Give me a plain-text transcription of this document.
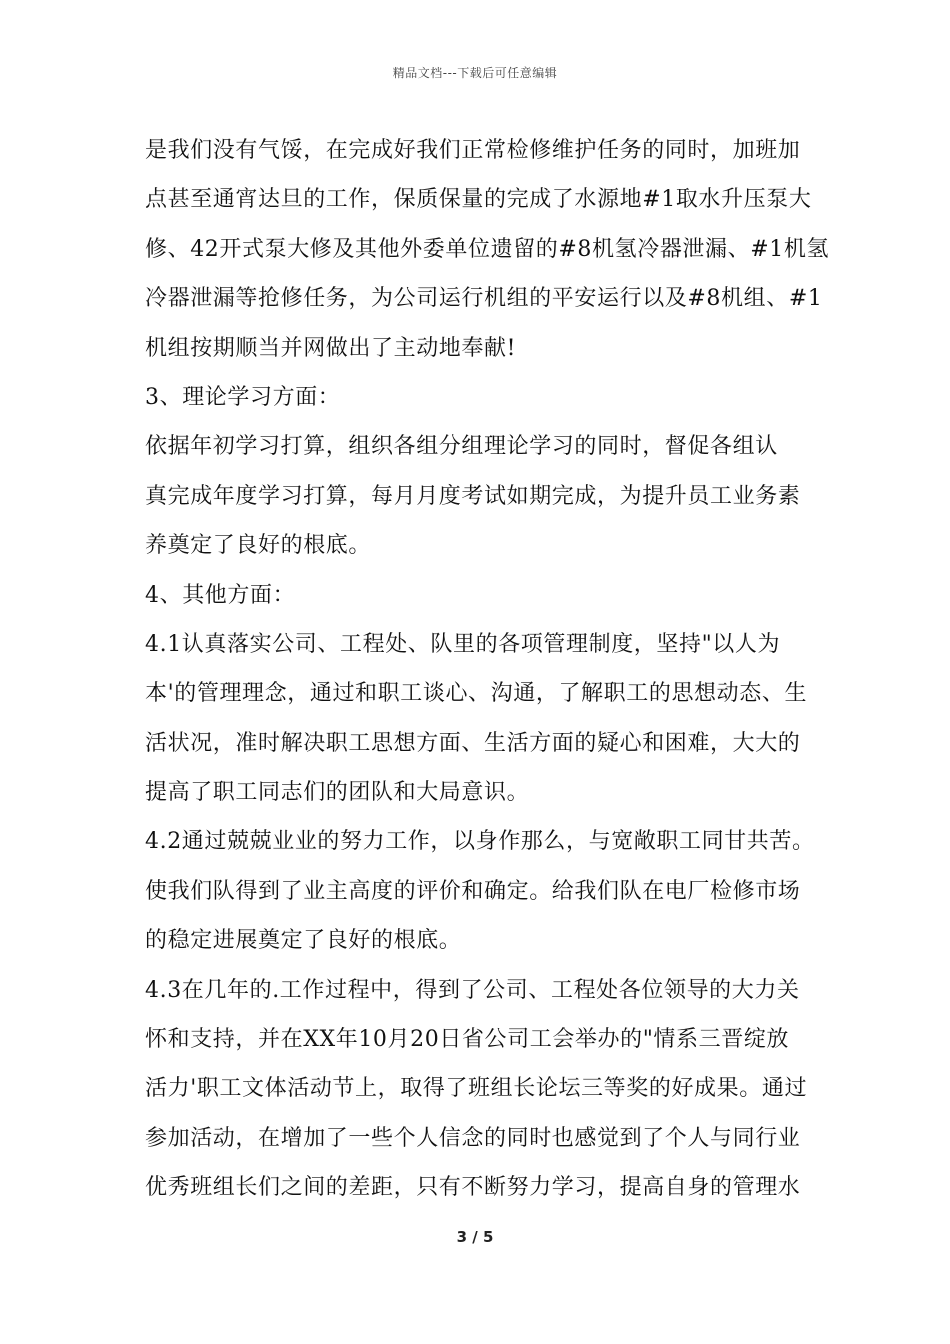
精品文档---下载后可任意编辑
是我们没有气馁，在完成好我们正常检修维护任务的同时，加班加
点甚至通宵达旦的工作，保质保量的完成了水源地#1取水升压泵大
修、42开式泵大修及其他外委单位遗留的#8机氢冷器泄漏、#1机氢
冷器泄漏等抢修任务，为公司运行机组的平安运行以及#8机组、#1
机组按期顺当并网做出了主动地奉献!
3、理论学习方面：
依据年初学习打算，组织各组分组理论学习的同时，督促各组认
真完成年度学习打算，每月月度考试如期完成，为提升员工业务素
养奠定了良好的根底。
4、其他方面：
4.1认真落实公司、工程处、队里的各项管理制度，坚持"以人为
本'的管理理念，通过和职工谈心、沟通，了解职工的思想动态、生
活状况，准时解决职工思想方面、生活方面的疑心和困难，大大的
提高了职工同志们的团队和大局意识。
4.2通过兢兢业业的努力工作，以身作那么，与宽敞职工同甘共苦。
使我们队得到了业主高度的评价和确定。给我们队在电厂检修市场
的稳定进展奠定了良好的根底。
4.3在几年的.工作过程中，得到了公司、工程处各位领导的大力关
怀和支持，并在XX年10月20日省公司工会举办的"情系三晋绽放
活力'职工文体活动节上，取得了班组长论坛三等奖的好成果。通过
参加活动，在增加了一些个人信念的同时也感觉到了个人与同行业
优秀班组长们之间的差距，只有不断努力学习，提高自身的管理水
3 / 5
